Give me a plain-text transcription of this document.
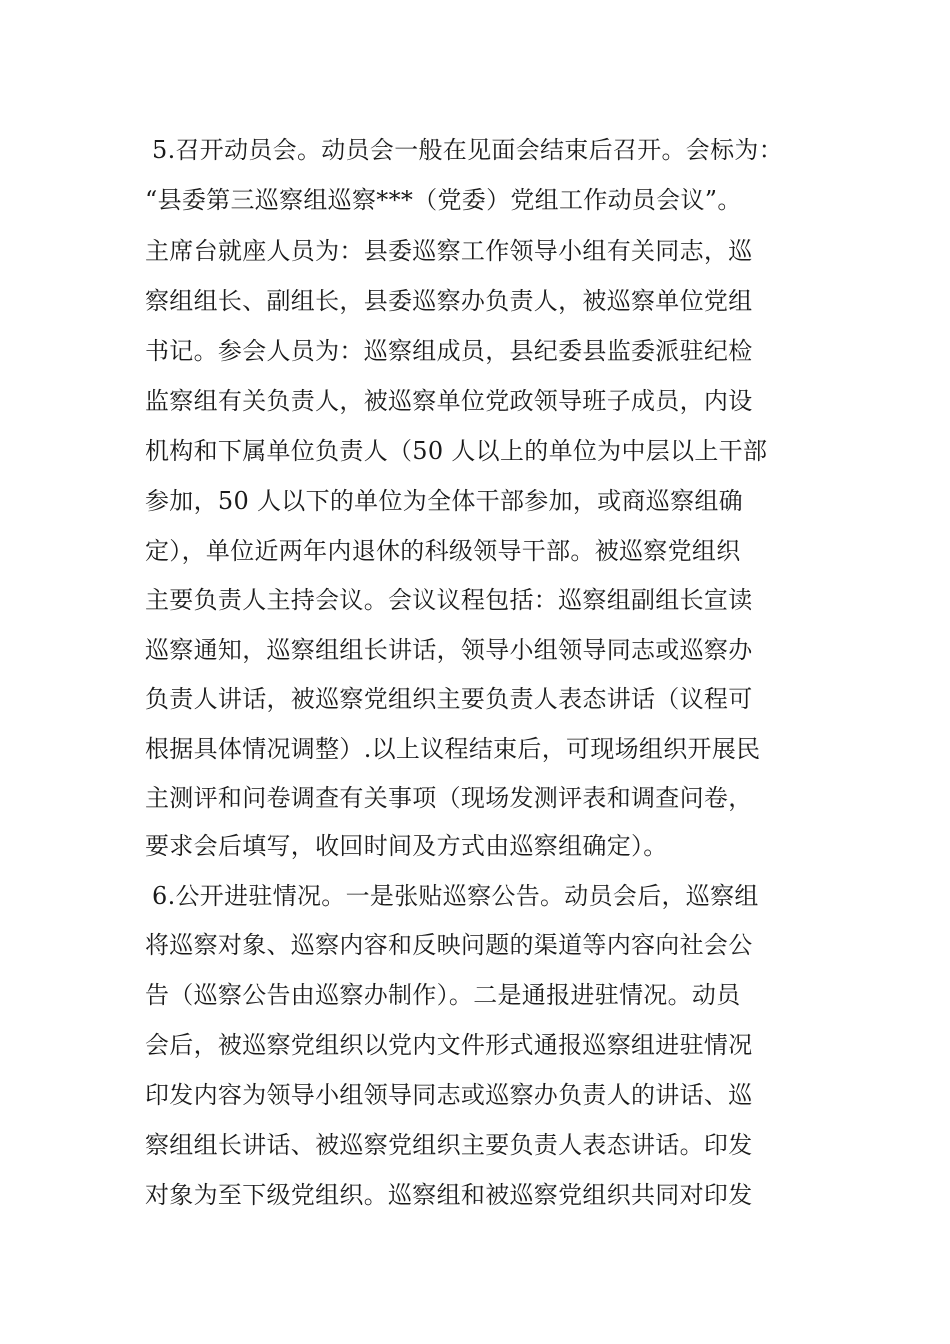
5.召开动员会。动员会一般在见面会结束后召开。会标为：
“县委第三巡察组巡察***（党委）党组工作动员会议”。
主席台就座人员为：县委巡察工作领导小组有关同志，巡
察组组长、副组长，县委巡察办负责人，被巡察单位党组
书记。参会人员为：巡察组成员，县纪委县监委派驻纪检
监察组有关负责人，被巡察单位党政领导班子成员，内设
机构和下属单位负责人（50 人以上的单位为中层以上干部
参加，50 人以下的单位为全体干部参加，或商巡察组确
定），单位近两年内退休的科级领导干部。被巡察党组织
主要负责人主持会议。会议议程包括：巡察组副组长宣读
巡察通知，巡察组组长讲话，领导小组领导同志或巡察办
负责人讲话，被巡察党组织主要负责人表态讲话（议程可
根据具体情况调整）.以上议程结束后，可现场组织开展民
主测评和问卷调查有关事项（现场发测评表和调查问卷，
要求会后填写，收回时间及方式由巡察组确定）。
6.公开进驻情况。一是张贴巡察公告。动员会后，巡察组
将巡察对象、巡察内容和反映问题的渠道等内容向社会公
告（巡察公告由巡察办制作）。二是通报进驻情况。动员
会后，被巡察党组织以党内文件形式通报巡察组进驻情况
印发内容为领导小组领导同志或巡察办负责人的讲话、巡
察组组长讲话、被巡察党组织主要负责人表态讲话。印发
对象为至下级党组织。巡察组和被巡察党组织共同对印发
